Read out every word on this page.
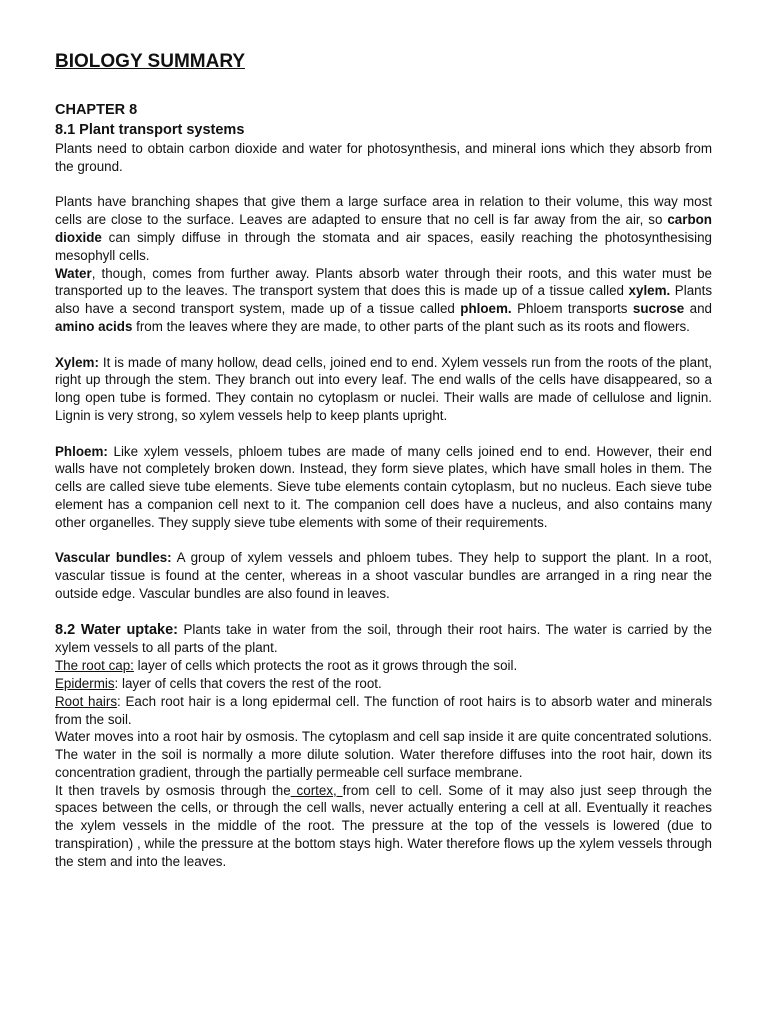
BIOLOGY SUMMARY
CHAPTER 8
8.1 Plant transport systems

Plants need to obtain carbon dioxide and water for photosynthesis, and mineral ions which they absorb from the ground.

Plants have branching shapes that give them a large surface area in relation to their volume, this way most cells are close to the surface. Leaves are adapted to ensure that no cell is far away from the air, so carbon dioxide can simply diffuse in through the stomata and air spaces, easily reaching the photosynthesising mesophyll cells.

Water, though, comes from further away. Plants absorb water through their roots, and this water must be transported up to the leaves. The transport system that does this is made up of a tissue called xylem. Plants also have a second transport system, made up of a tissue called phloem. Phloem transports sucrose and amino acids from the leaves where they are made, to other parts of the plant such as its roots and flowers.

Xylem: It is made of many hollow, dead cells, joined end to end. Xylem vessels run from the roots of the plant, right up through the stem. They branch out into every leaf. The end walls of the cells have disappeared, so a long open tube is formed. They contain no cytoplasm or nuclei. Their walls are made of cellulose and lignin. Lignin is very strong, so xylem vessels help to keep plants upright.

Phloem: Like xylem vessels, phloem tubes are made of many cells joined end to end. However, their end walls have not completely broken down. Instead, they form sieve plates, which have small holes in them. The cells are called sieve tube elements. Sieve tube elements contain cytoplasm, but no nucleus. Each sieve tube element has a companion cell next to it. The companion cell does have a nucleus, and also contains many other organelles. They supply sieve tube elements with some of their requirements.

Vascular bundles: A group of xylem vessels and phloem tubes. They help to support the plant. In a root, vascular tissue is found at the center, whereas in a shoot vascular bundles are arranged in a ring near the outside edge. Vascular bundles are also found in leaves.

8.2 Water uptake: Plants take in water from the soil, through their root hairs. The water is carried by the xylem vessels to all parts of the plant.

The root cap: layer of cells which protects the root as it grows through the soil.

Epidermis: layer of cells that covers the rest of the root.

Root hairs: Each root hair is a long epidermal cell. The function of root hairs is to absorb water and minerals from the soil.

Water moves into a root hair by osmosis. The cytoplasm and cell sap inside it are quite concentrated solutions. The water in the soil is normally a more dilute solution. Water therefore diffuses into the root hair, down its concentration gradient, through the partially permeable cell surface membrane.

It then travels by osmosis through the cortex, from cell to cell. Some of it may also just seep through the spaces between the cells, or through the cell walls, never actually entering a cell at all. Eventually it reaches the xylem vessels in the middle of the root. The pressure at the top of the vessels is lowered (due to transpiration) , while the pressure at the bottom stays high. Water therefore flows up the xylem vessels through the stem and into the leaves.
